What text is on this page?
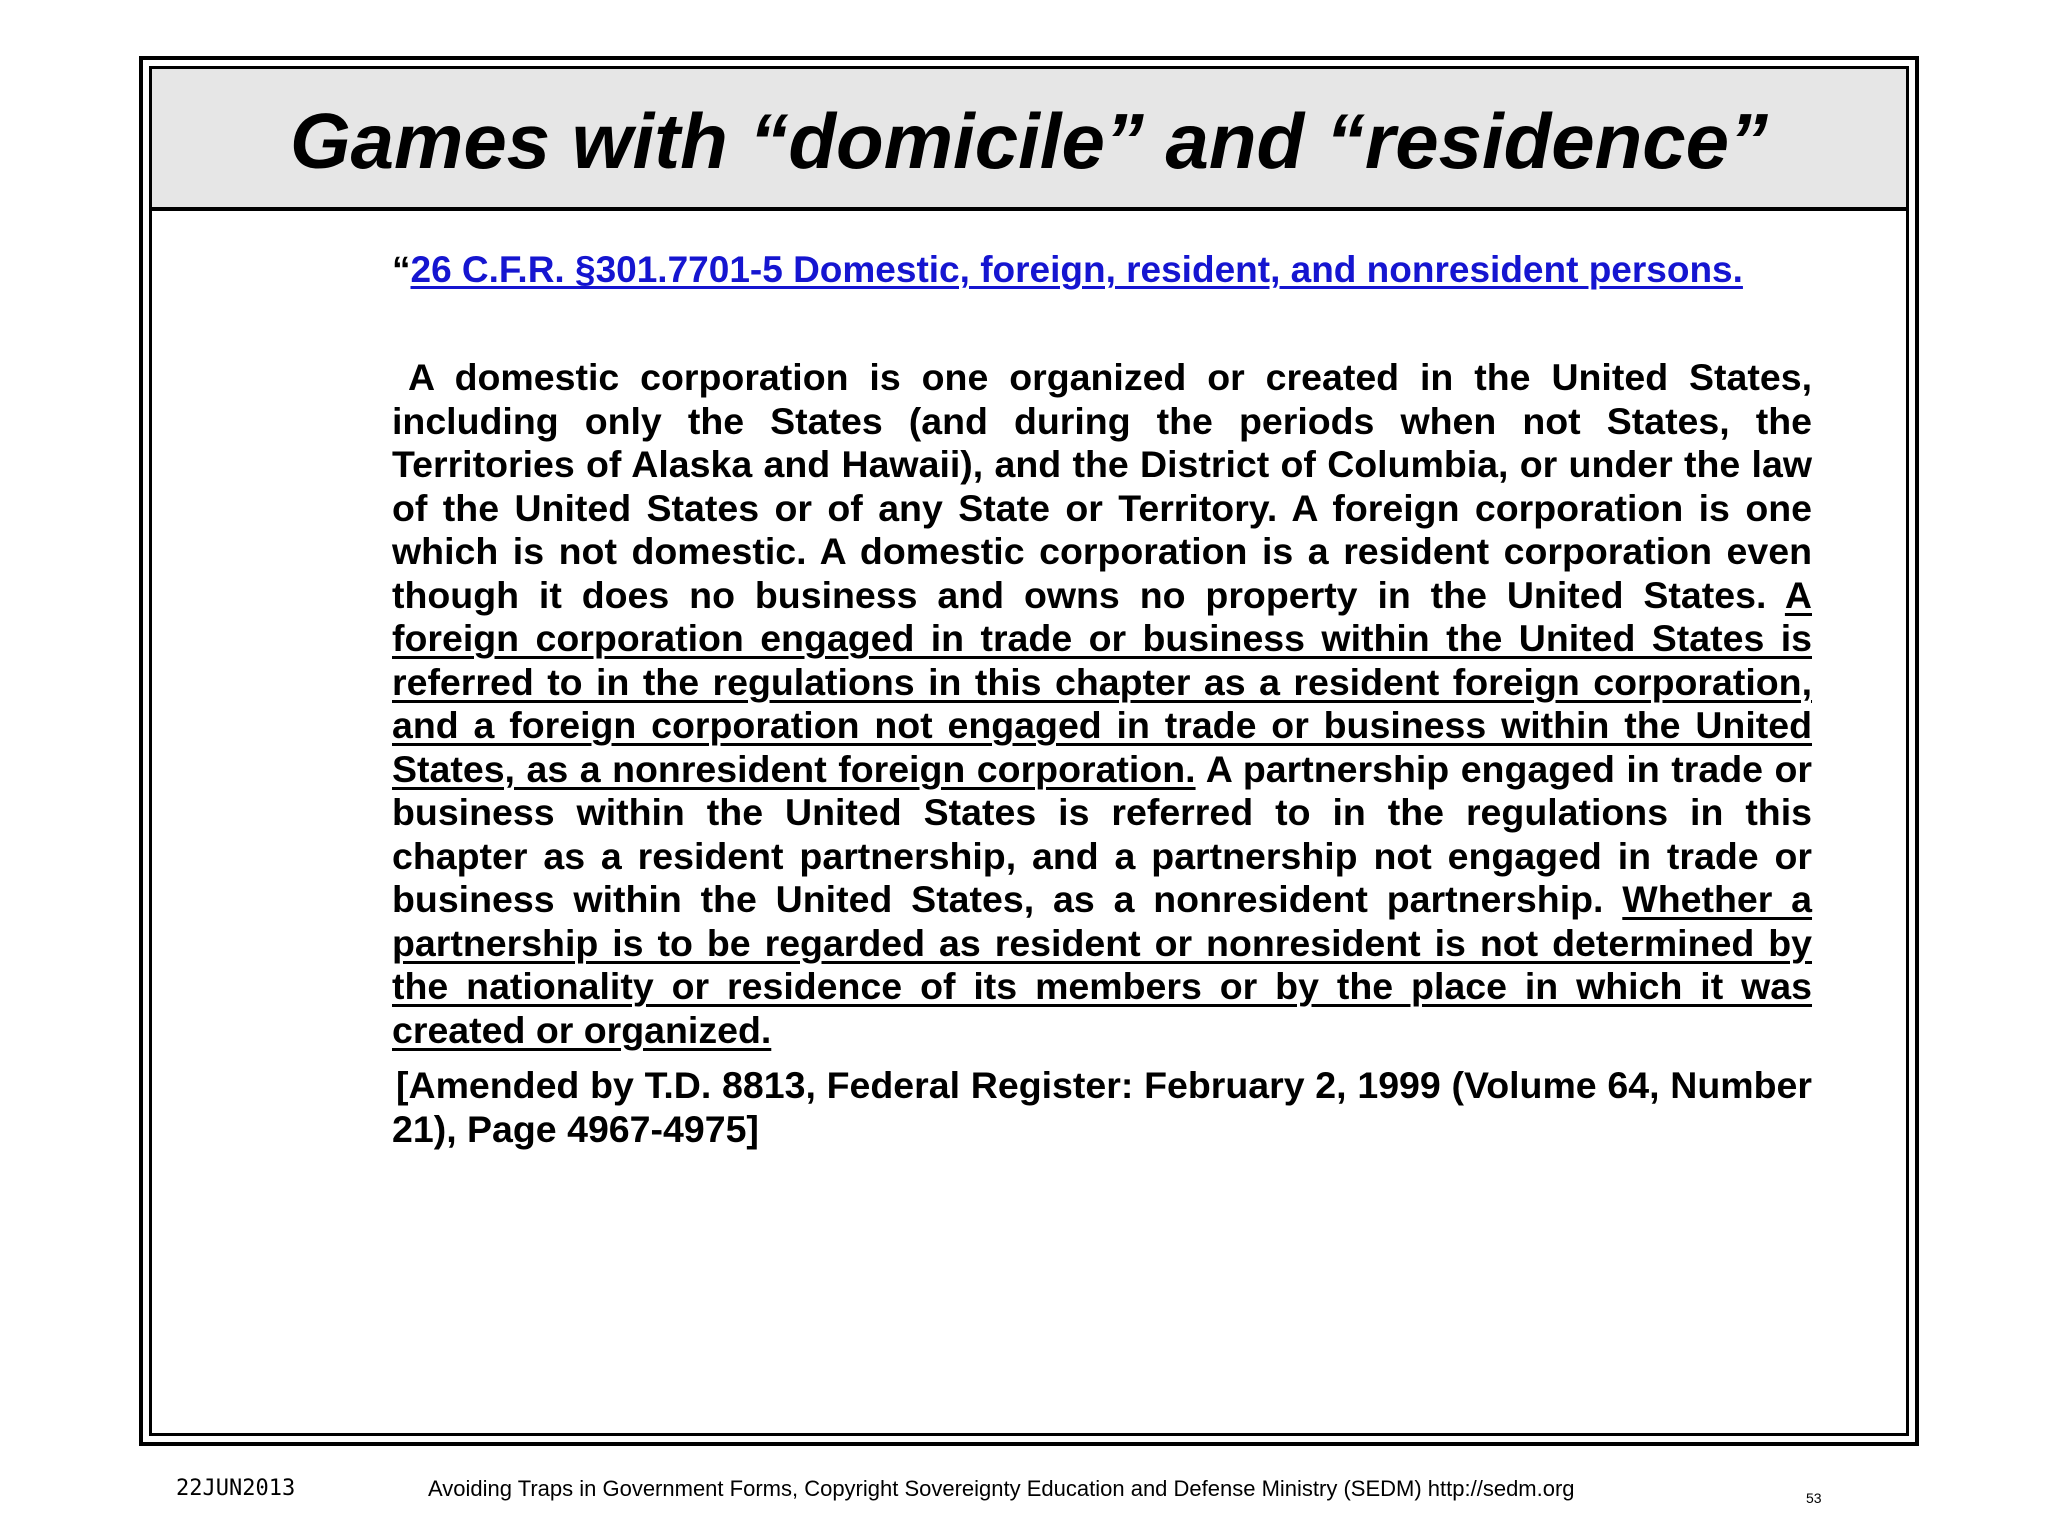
Games with “domicile” and “residence”

“26 C.F.R. §301.7701-5 Domestic, foreign, resident, and nonresident persons.

A domestic corporation is one organized or created in the United States, including only the States (and during the periods when not States, the Territories of Alaska and Hawaii), and the District of Columbia, or under the law of the United States or of any State or Territory. A foreign corporation is one which is not domestic. A domestic corporation is a resident corporation even though it does no business and owns no property in the United States. A foreign corporation engaged in trade or business within the United States is referred to in the regulations in this chapter as a resident foreign corporation, and a foreign corporation not engaged in trade or business within the United States, as a nonresident foreign corporation. A partnership engaged in trade or business within the United States is referred to in the regulations in this chapter as a resident partnership, and a partnership not engaged in trade or business within the United States, as a nonresident partnership. Whether a partnership is to be regarded as resident or nonresident is not determined by the nationality or residence of its members or by the place in which it was created or organized.

[Amended by T.D. 8813, Federal Register: February 2, 1999 (Volume 64, Number 21), Page 4967-4975]

22JUN2013	Avoiding Traps in Government Forms, Copyright Sovereignty Education and Defense Ministry (SEDM) http://sedm.org	53
